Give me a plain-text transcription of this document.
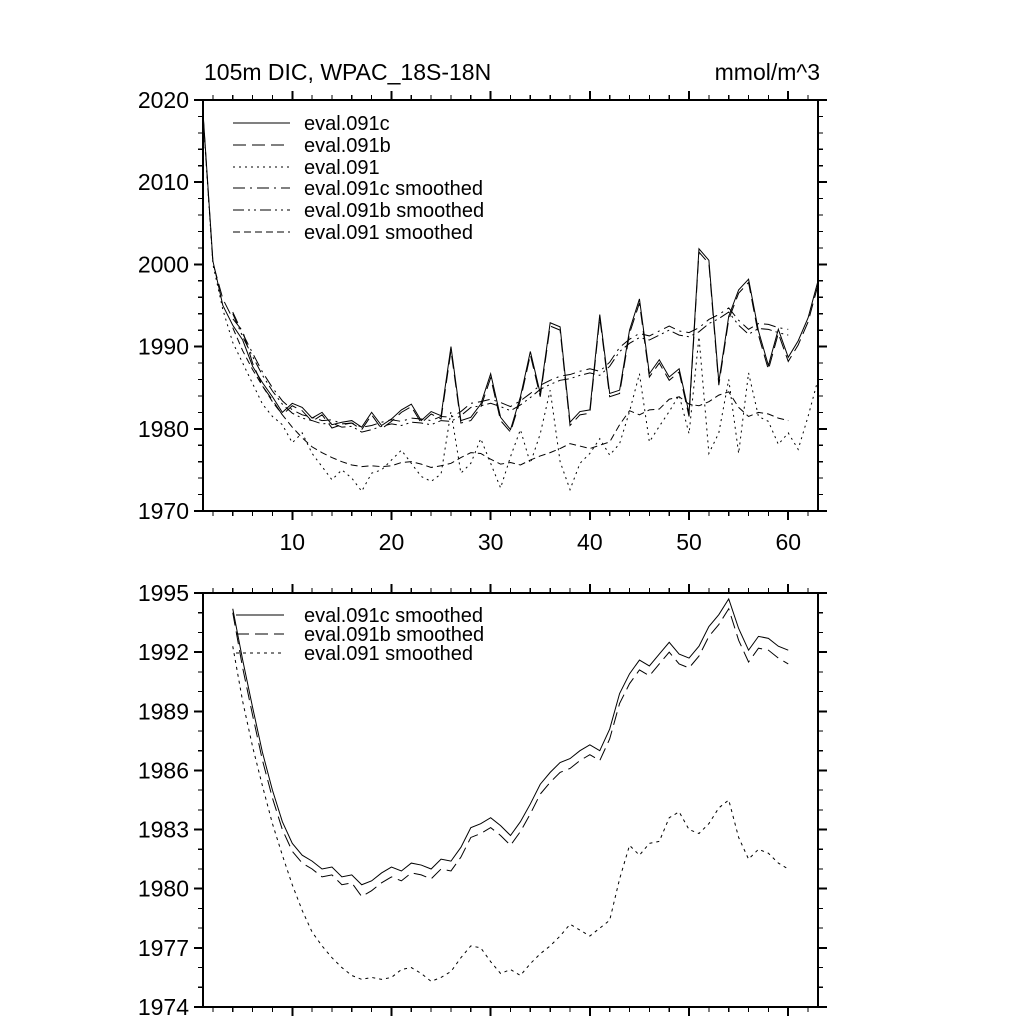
10	20	30	40	50	60
1970
1980
1990
2000
2010
2020
105m DIC, WPAC_18S-18N	mmol/m^3
eval.091c
eval.091b
eval.091
eval.091c smoothed
eval.091b smoothed
eval.091 smoothed
1974
1977
1980
1983
1986
1989
1992
1995
eval.091c smoothed
eval.091b smoothed
eval.091 smoothed
